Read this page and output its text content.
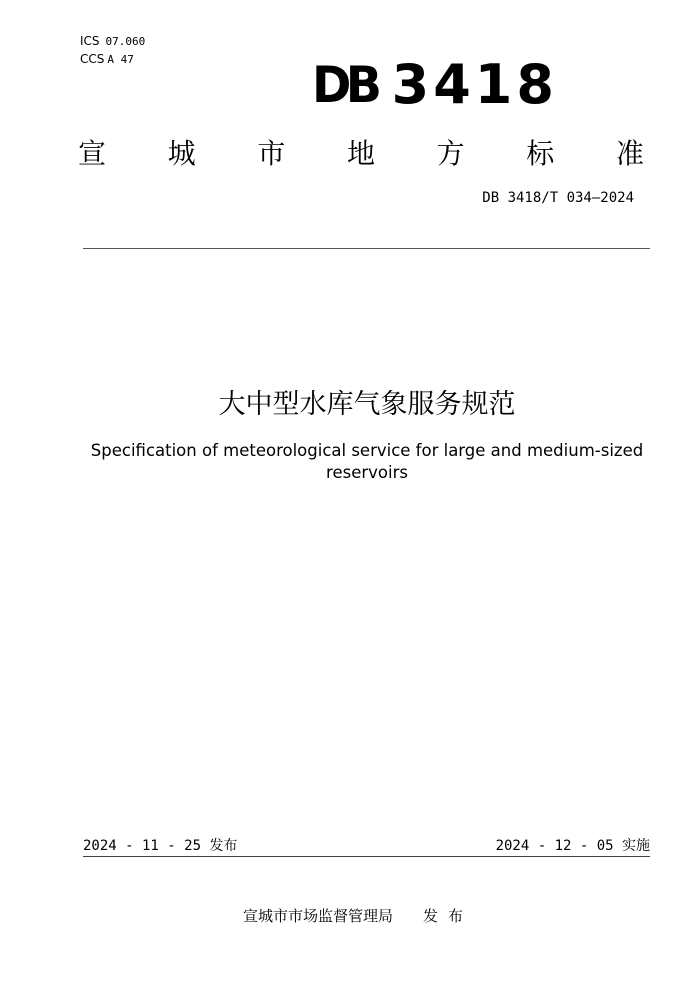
ICS 07.060
CCS A 47	DB 3418
宣 城 市 地 方 标 准
DB 3418/T 034—2024
大中型水库气象服务规范
Specification of meteorological service for large and medium-sized reservoirs
2024 - 11 - 25 发布	2024 - 12 - 05 实施
宣城市市场监督管理局 发布
